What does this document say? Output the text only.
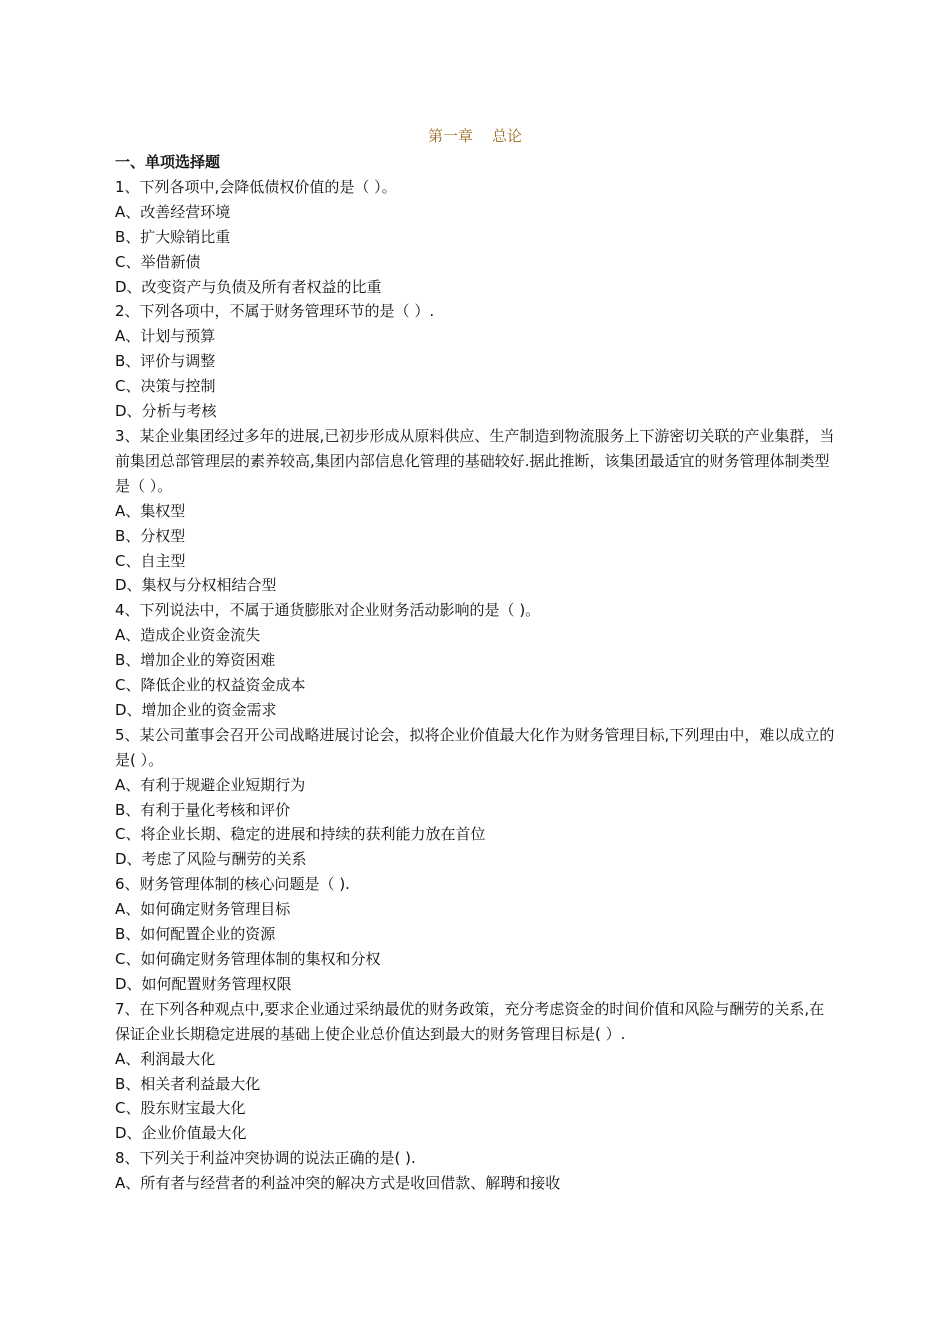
第一章    总论
一、单项选择题
1、下列各项中,会降低债权价值的是（ ）。
A、改善经营环境
B、扩大赊销比重
C、举借新债
D、改变资产与负债及所有者权益的比重
2、下列各项中，不属于财务管理环节的是（ ）.
A、计划与预算
B、评价与调整
C、决策与控制
D、分析与考核
3、某企业集团经过多年的进展,已初步形成从原料供应、生产制造到物流服务上下游密切关联的产业集群，当前集团总部管理层的素养较高,集团内部信息化管理的基础较好.据此推断，该集团最适宜的财务管理体制类型是（ ）。
A、集权型
B、分权型
C、自主型
D、集权与分权相结合型
4、下列说法中，不属于通货膨胀对企业财务活动影响的是（ )。
A、造成企业资金流失
B、增加企业的筹资困难
C、降低企业的权益资金成本
D、增加企业的资金需求
5、某公司董事会召开公司战略进展讨论会，拟将企业价值最大化作为财务管理目标,下列理由中，难以成立的是( ）。
A、有利于规避企业短期行为
B、有利于量化考核和评价
C、将企业长期、稳定的进展和持续的获利能力放在首位
D、考虑了风险与酬劳的关系
6、财务管理体制的核心问题是（ ).
A、如何确定财务管理目标
B、如何配置企业的资源
C、如何确定财务管理体制的集权和分权
D、如何配置财务管理权限
7、在下列各种观点中,要求企业通过采纳最优的财务政策，充分考虑资金的时间价值和风险与酬劳的关系,在保证企业长期稳定进展的基础上使企业总价值达到最大的财务管理目标是( ）.
A、利润最大化
B、相关者利益最大化
C、股东财宝最大化
D、企业价值最大化
8、下列关于利益冲突协调的说法正确的是( ).
A、所有者与经营者的利益冲突的解决方式是收回借款、解聘和接收
